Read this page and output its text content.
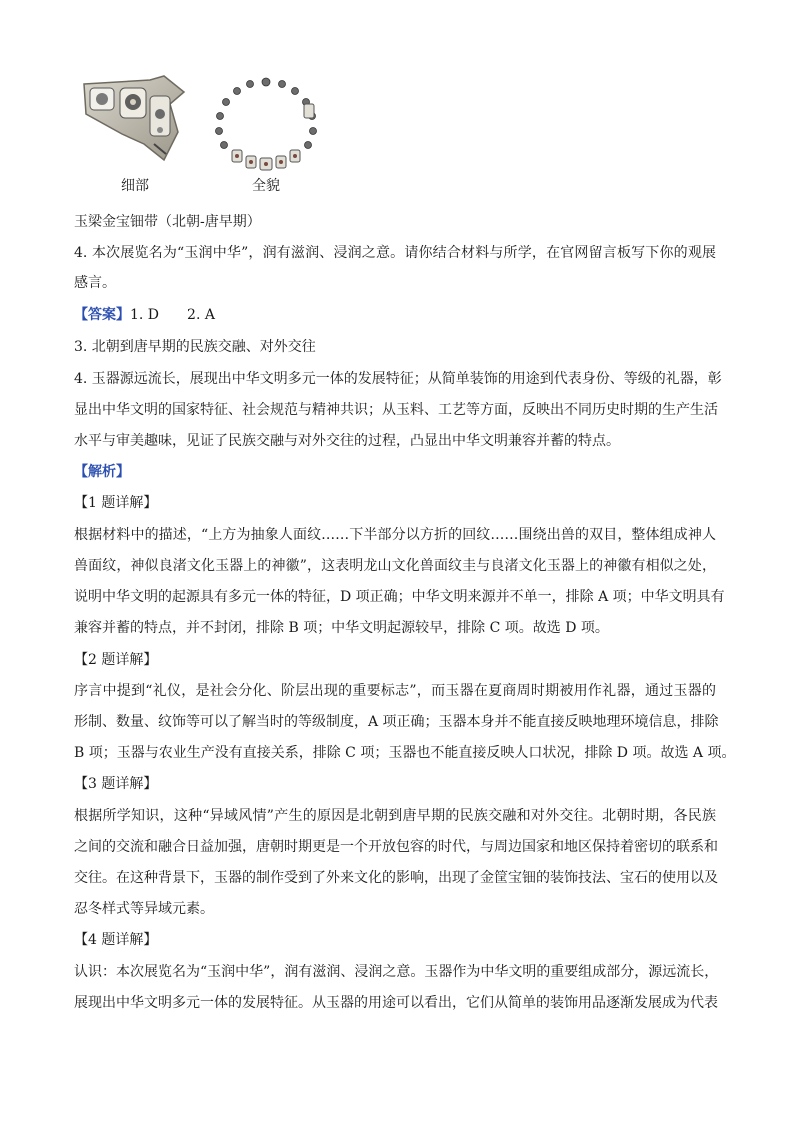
细部	全貌
玉梁金宝钿带（北朝-唐早期）
4. 本次展览名为“玉润中华”，润有滋润、浸润之意。请你结合材料与所学，在官网留言板写下你的观展
感言。
【答案】1. D　　2. A
3. 北朝到唐早期的民族交融、对外交往
4. 玉器源远流长，展现出中华文明多元一体的发展特征；从简单装饰的用途到代表身份、等级的礼器，彰
显出中华文明的国家特征、社会规范与精神共识；从玉料、工艺等方面，反映出不同历史时期的生产生活
水平与审美趣味，见证了民族交融与对外交往的过程，凸显出中华文明兼容并蓄的特点。
【解析】
【1 题详解】
根据材料中的描述，“上方为抽象人面纹……下半部分以方折的回纹……围绕出兽的双目，整体组成神人
兽面纹，神似良渚文化玉器上的神徽”，这表明龙山文化兽面纹圭与良渚文化玉器上的神徽有相似之处，
说明中华文明的起源具有多元一体的特征，D 项正确；中华文明来源并不单一，排除 A 项；中华文明具有
兼容并蓄的特点，并不封闭，排除 B 项；中华文明起源较早，排除 C 项。故选 D 项。
【2 题详解】
序言中提到“礼仪，是社会分化、阶层出现的重要标志”，而玉器在夏商周时期被用作礼器，通过玉器的
形制、数量、纹饰等可以了解当时的等级制度，A 项正确；玉器本身并不能直接反映地理环境信息，排除
B 项；玉器与农业生产没有直接关系，排除 C 项；玉器也不能直接反映人口状况，排除 D 项。故选 A 项。
【3 题详解】
根据所学知识，这种“异域风情”产生的原因是北朝到唐早期的民族交融和对外交往。北朝时期，各民族
之间的交流和融合日益加强，唐朝时期更是一个开放包容的时代，与周边国家和地区保持着密切的联系和
交往。在这种背景下，玉器的制作受到了外来文化的影响，出现了金筐宝钿的装饰技法、宝石的使用以及
忍冬样式等异域元素。
【4 题详解】
认识：本次展览名为“玉润中华”，润有滋润、浸润之意。玉器作为中华文明的重要组成部分，源远流长，
展现出中华文明多元一体的发展特征。从玉器的用途可以看出，它们从简单的装饰用品逐渐发展成为代表
